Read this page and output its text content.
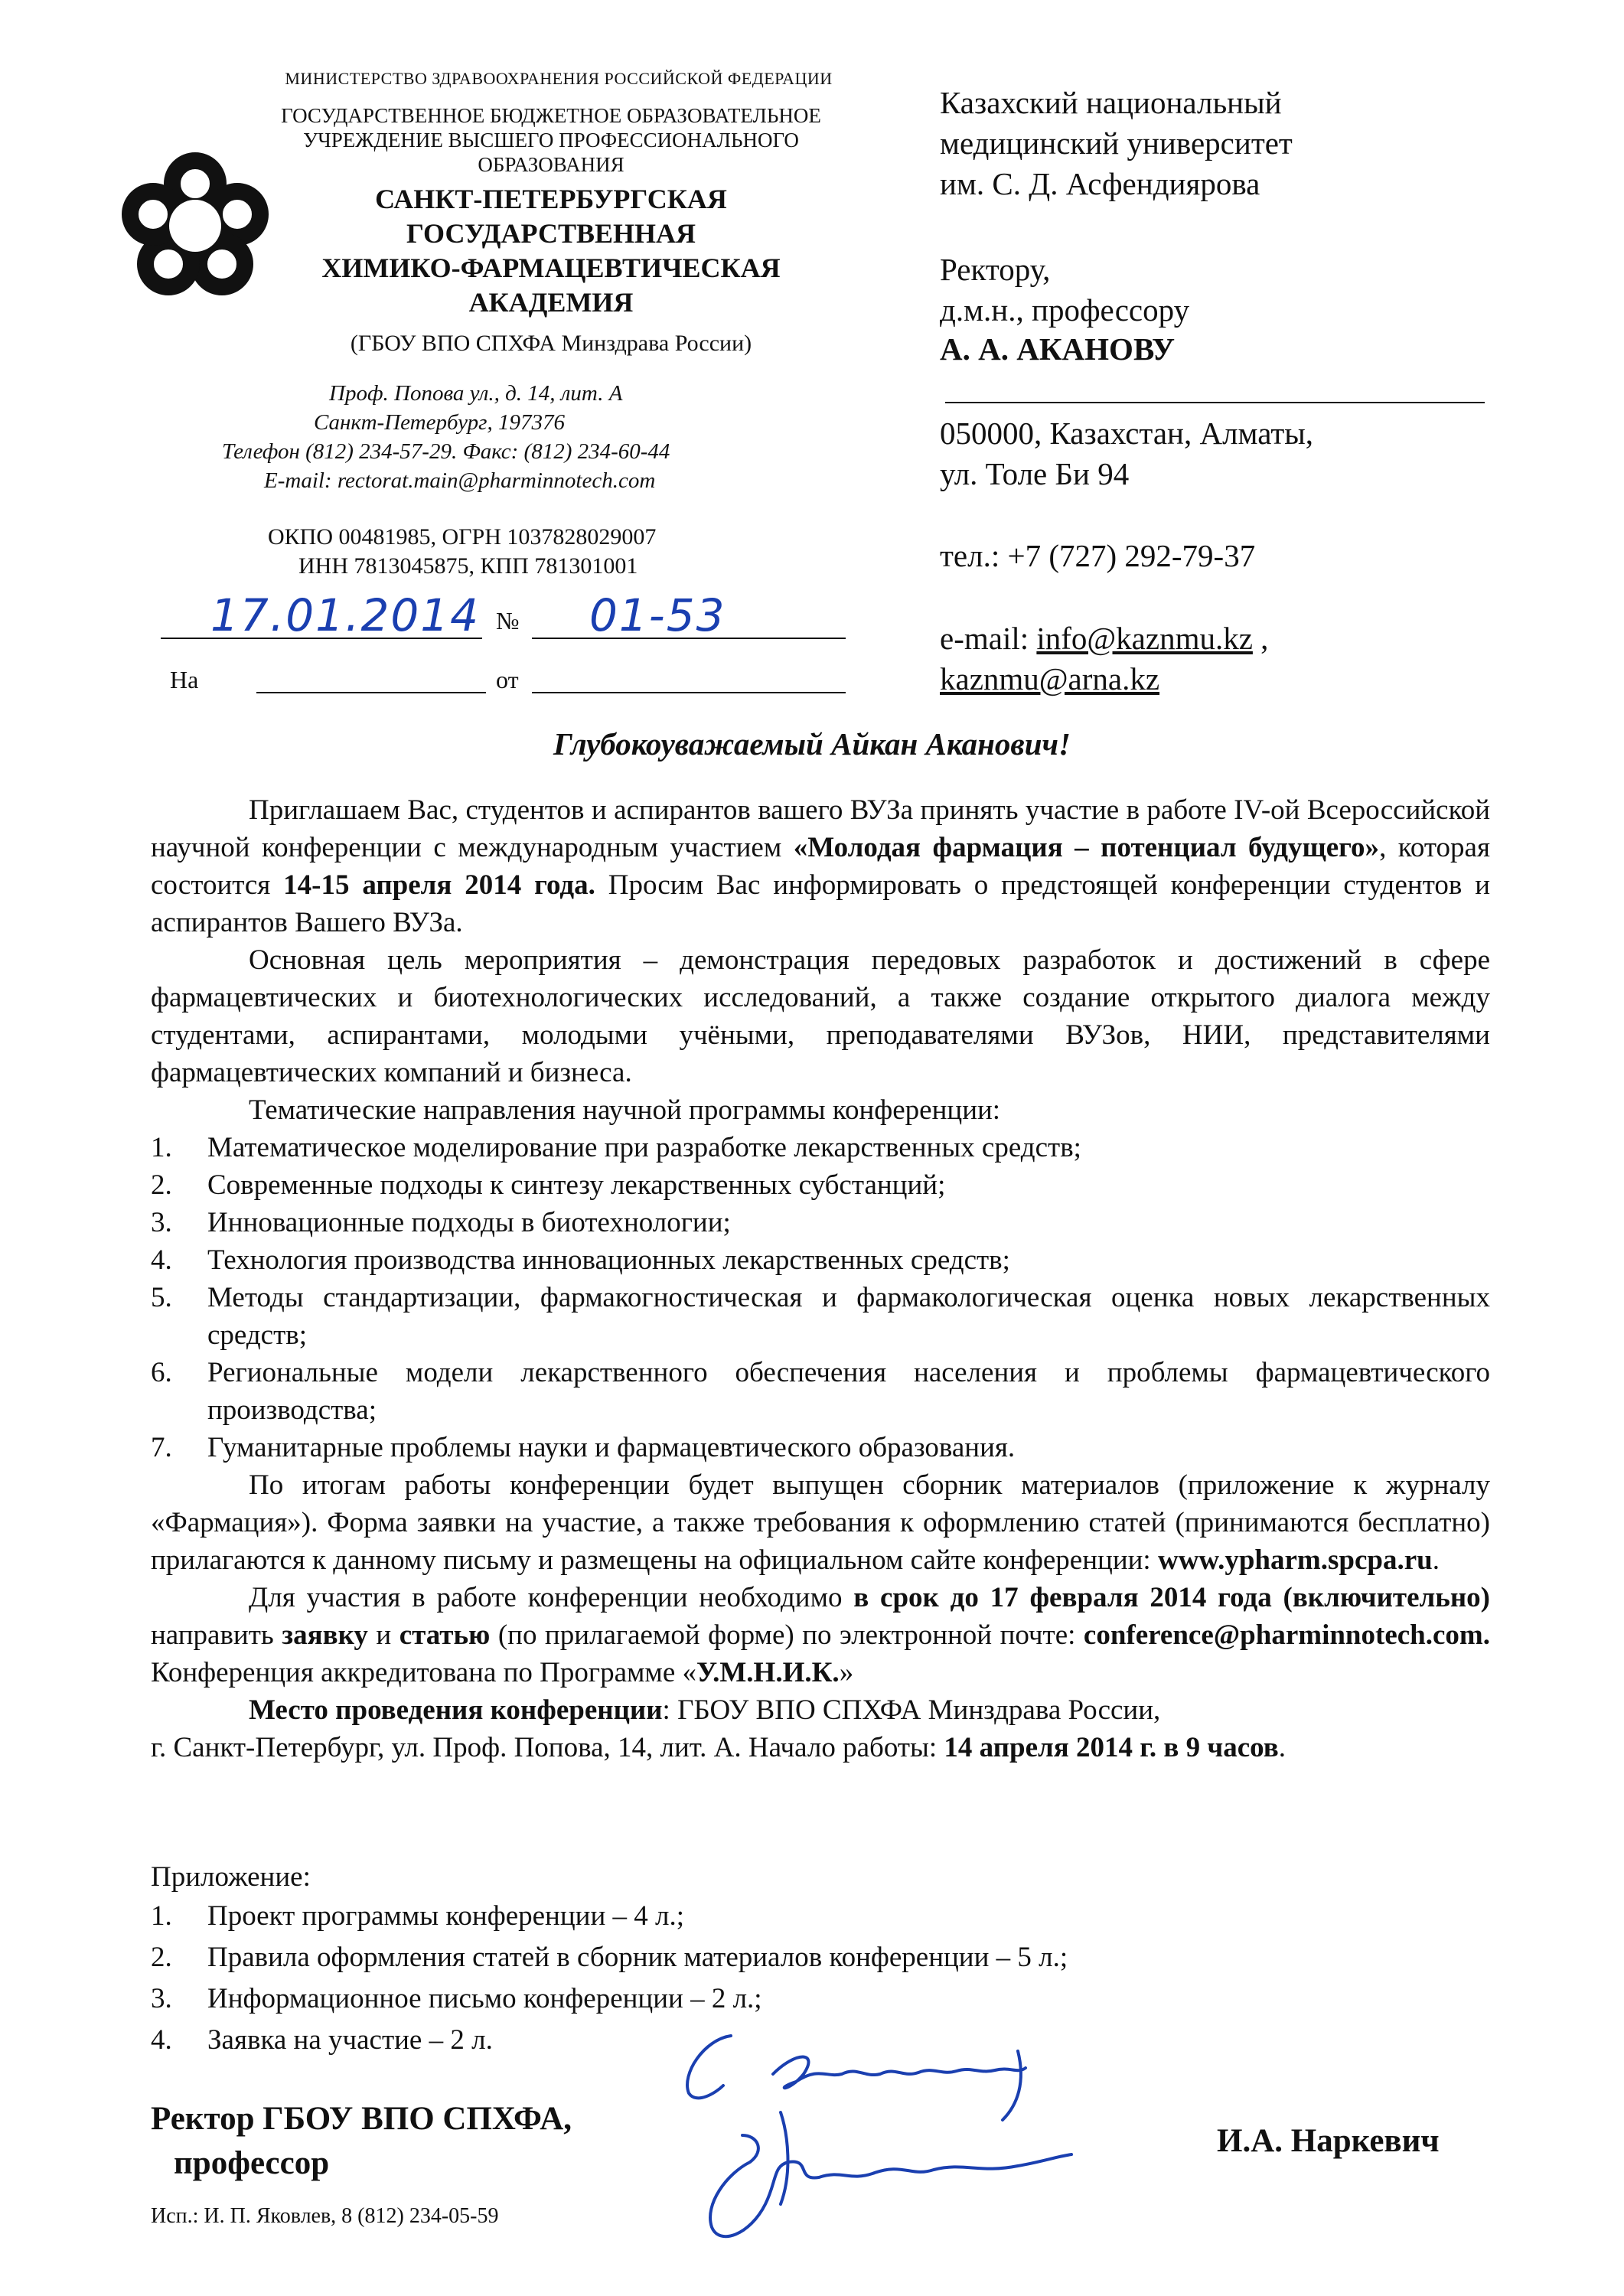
МИНИСТЕРСТВО ЗДРАВООХРАНЕНИЯ РОССИЙСКОЙ ФЕДЕРАЦИИ
ГОСУДАРСТВЕННОЕ БЮДЖЕТНОЕ ОБРАЗОВАТЕЛЬНОЕ
УЧРЕЖДЕНИЕ ВЫСШЕГО ПРОФЕССИОНАЛЬНОГО
ОБРАЗОВАНИЯ
САНКТ-ПЕТЕРБУРГСКАЯ
ГОСУДАРСТВЕННАЯ
ХИМИКО-ФАРМАЦЕВТИЧЕСКАЯ
АКАДЕМИЯ
(ГБОУ ВПО СПХФА Минздрава России)
Проф. Попова ул., д. 14, лит. А
Санкт-Петербург, 197376
Телефон (812) 234-57-29. Факс: (812) 234-60-44
E-mail: rectorat.main@pharminnotech.com
ОКПО 00481985, ОГРН 1037828029007
ИНН 7813045875, КПП 781301001
17.01.2014 № 01-53
На	от
Казахский национальный
медицинский университет
им. С. Д. Асфендиярова
Ректору,
д.м.н., профессору
А. А. АКАНОВУ
050000, Казахстан, Алматы,
ул. Толе Би 94
тел.: +7 (727) 292-79-37
e-mail: info@kaznmu.kz ,
kaznmu@arna.kz
Глубокоуважаемый Айкан Аканович!

Приглашаем Вас, студентов и аспирантов вашего ВУЗа принять участие в работе IV-ой Всероссийской научной конференции с международным участием «Молодая фармация – потенциал будущего», которая состоится 14-15 апреля 2014 года. Просим Вас информировать о предстоящей конференции студентов и аспирантов Вашего ВУЗа.

Основная цель мероприятия – демонстрация передовых разработок и достижений в сфере фармацевтических и биотехнологических исследований, а также создание открытого диалога между студентами, аспирантами, молодыми учёными, преподавателями ВУЗов, НИИ, представителями фармацевтических компаний и бизнеса.

Тематические направления научной программы конференции:

1. Математическое моделирование при разработке лекарственных средств;
2. Современные подходы к синтезу лекарственных субстанций;
3. Инновационные подходы в биотехнологии;
4. Технология производства инновационных лекарственных средств;
5. Методы стандартизации, фармакогностическая и фармакологическая оценка новых лекарственных средств;
6. Региональные модели лекарственного обеспечения населения и проблемы фармацевтического производства;
7. Гуманитарные проблемы науки и фармацевтического образования.

По итогам работы конференции будет выпущен сборник материалов (приложение к журналу «Фармация»). Форма заявки на участие, а также требования к оформлению статей (принимаются бесплатно) прилагаются к данному письму и размещены на официальном сайте конференции: www.ypharm.spcpa.ru.

Для участия в работе конференции необходимо в срок до 17 февраля 2014 года (включительно) направить заявку и статью (по прилагаемой форме) по электронной почте: conference@pharminnotech.com. Конференция аккредитована по Программе «У.М.Н.И.К.»

Место проведения конференции: ГБОУ ВПО СПХФА Минздрава России,

г. Санкт-Петербург, ул. Проф. Попова, 14, лит. А. Начало работы: 14 апреля 2014 г. в 9 часов.

Приложение:

1. Проект программы конференции – 4 л.;
2. Правила оформления статей в сборник материалов конференции – 5 л.;
3. Информационное письмо конференции – 2 л.;
4. Заявка на участие – 2 л.
Ректор ГБОУ ВПО СПХФА,
профессор
И.А. Наркевич
Исп.: И. П. Яковлев, 8 (812) 234-05-59
